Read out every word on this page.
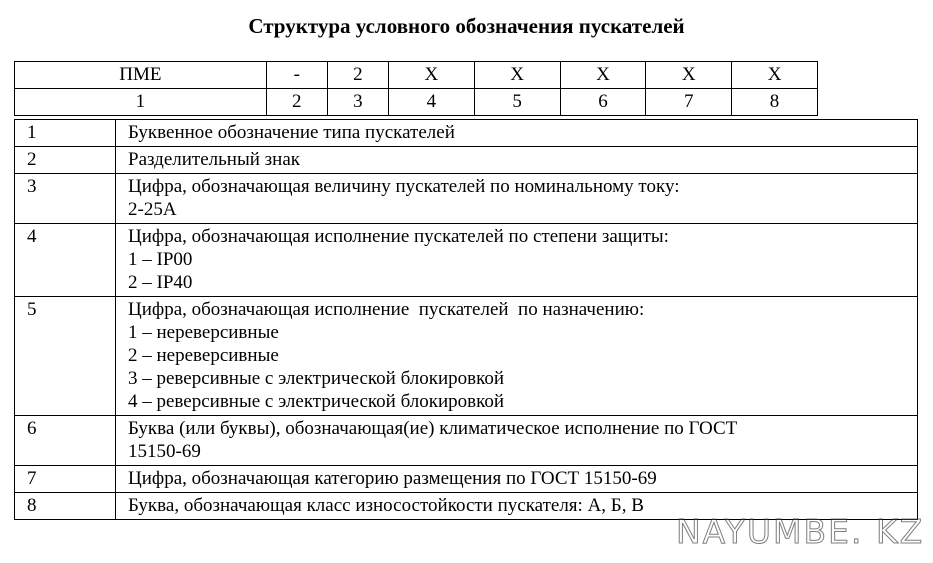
Структура условного обозначения пускателей
ПМЕ	-	2	Х	Х	Х	Х	Х
1	2	3	4	5	6	7	8
1	Буквенное обозначение типа пускателей

2	Разделительный знак

3	Цифра, обозначающая величину пускателей по номинальному току:
2-25А

4	Цифра, обозначающая исполнение пускателей по степени защиты:
1 – IP00
2 – IP40

5	Цифра, обозначающая исполнение  пускателей  по назначению:
1 – нереверсивные
2 – нереверсивные
3 – реверсивные с электрической блокировкой
4 – реверсивные с электрической блокировкой

6	Буква (или буквы), обозначающая(ие) климатическое исполнение по ГОСТ
15150-69

7	Цифра, обозначающая категорию размещения по ГОСТ 15150-69

8	Буква, обозначающая класс износостойкости пускателя: А, Б, В
NAYUMBE. KZ
